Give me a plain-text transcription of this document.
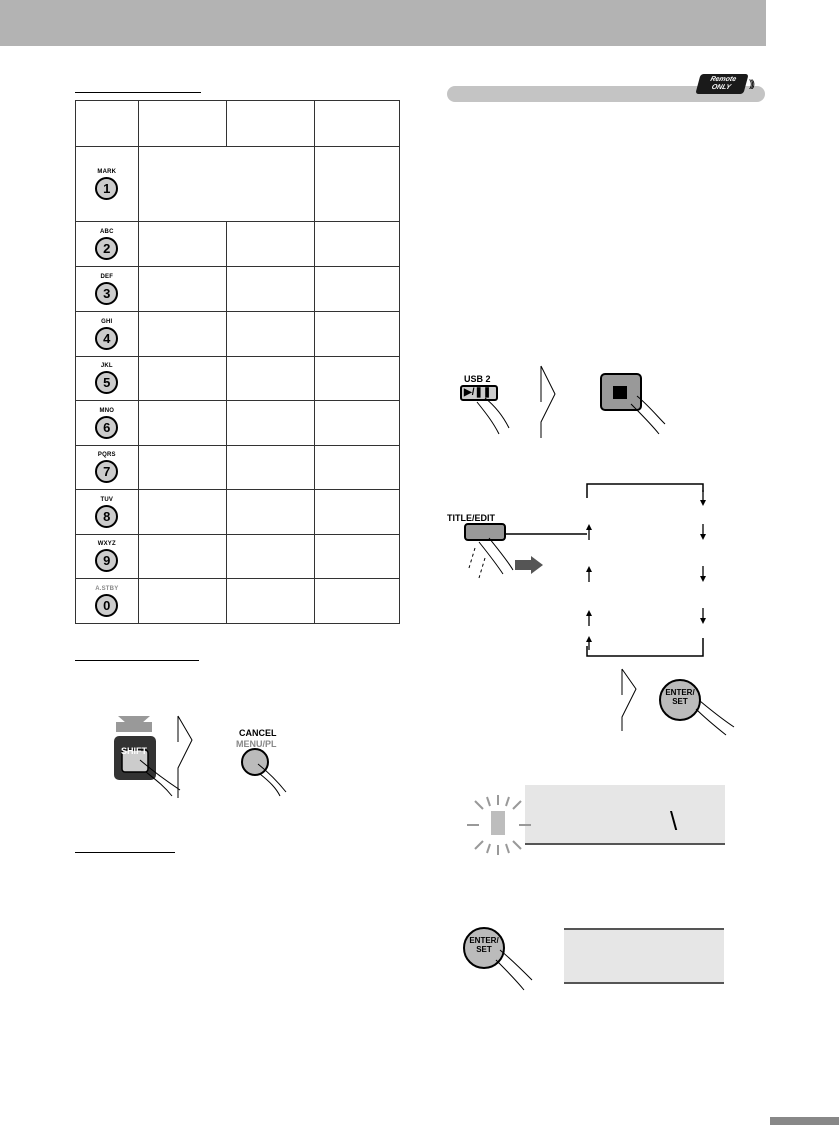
MARK
1			

ABC
2			

DEF
3			

GHI
4			

JKL
5			

MNO
6			

PQRS
7			

TUV
8			

WXYZ
9			

A.STBY
0			

SHIFT
CANCEL
MENU/PL
Remote
ONLY	)))
USB 2
▶/❚❚
TITLE/EDIT
ENTER/
SET
\
ENTER/
SET
